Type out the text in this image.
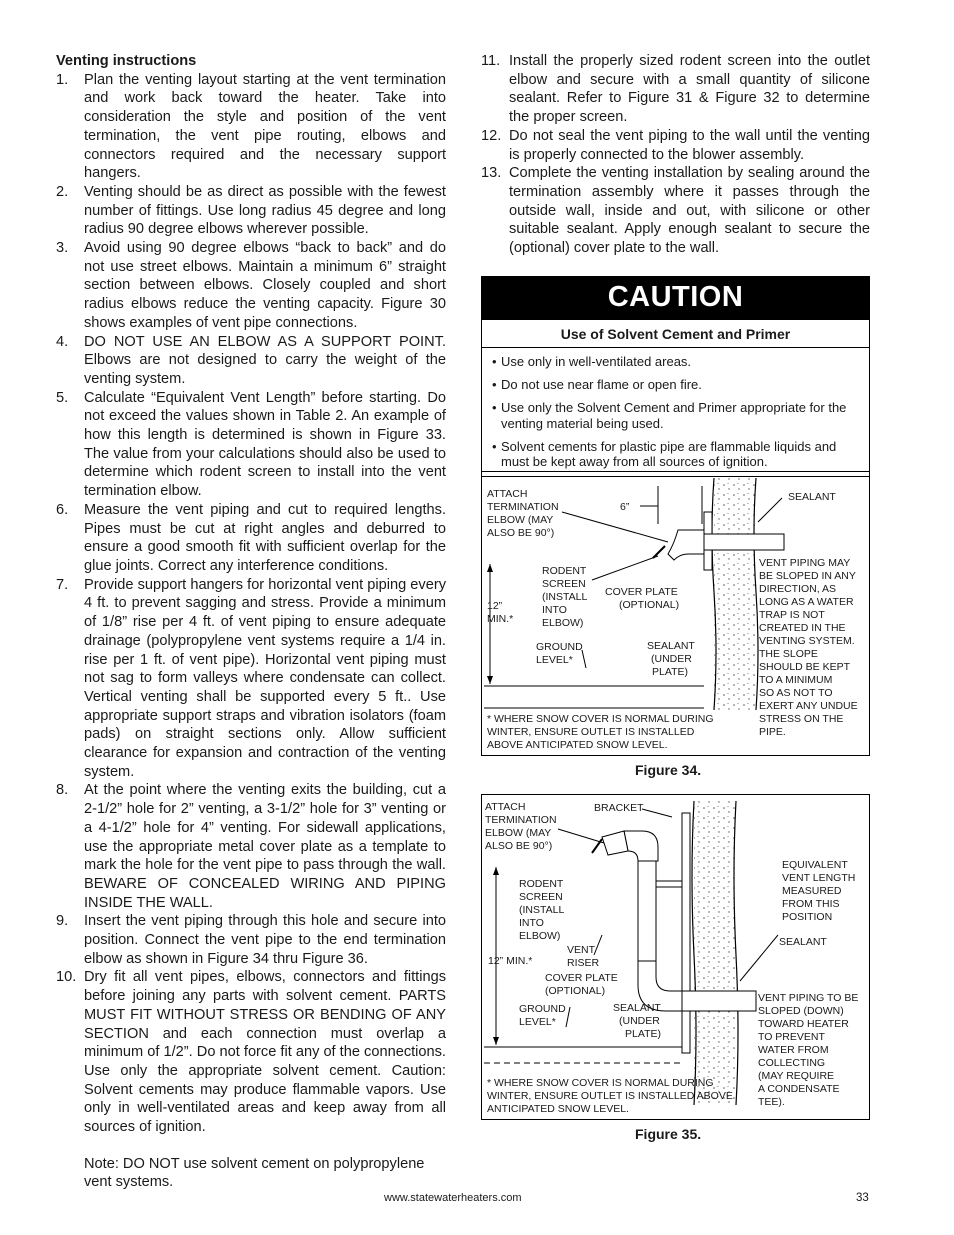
Venting instructions

1. Plan the venting layout starting at the vent termination and work back toward the heater. Take into consideration the style and position of the vent termination, the vent pipe routing, elbows and connectors required and the necessary support hangers.
2. Venting should be as direct as possible with the fewest number of fittings. Use long radius 45 degree and long radius 90 degree elbows wherever possible.
3. Avoid using 90 degree elbows “back to back” and do not use street elbows. Maintain a minimum 6” straight section between elbows. Closely coupled and short radius elbows reduce the venting capacity. Figure 30 shows examples of vent pipe connections.
4. DO NOT USE AN ELBOW AS A SUPPORT POINT. Elbows are not designed to carry the weight of the venting system.
5. Calculate “Equivalent Vent Length” before starting. Do not exceed the values shown in Table 2. An example of how this length is determined is shown in Figure 33. The value from your calculations should also be used to determine which rodent screen to install into the vent termination elbow.
6. Measure the vent piping and cut to required lengths. Pipes must be cut at right angles and deburred to ensure a good smooth fit with sufficient overlap for the glue joints. Correct any interference conditions.
7. Provide support hangers for horizontal vent piping every 4 ft. to prevent sagging and stress. Provide a minimum of 1/8” rise per 4 ft. of vent piping to ensure adequate drainage (polypropylene vent systems require a 1/4 in. rise per 1 ft. of vent pipe). Horizontal vent piping must not sag to form valleys where condensate can collect. Vertical venting shall be supported every 5 ft.. Use appropriate support straps and vibration isolators (foam pads) on straight sections only. Allow sufficient clearance for expansion and contraction of the venting system.
8. At the point where the venting exits the building, cut a 2-1/2” hole for 2” venting, a 3-1/2” hole for 3” venting or a 4-1/2” hole for 4” venting. For sidewall applications, use the appropriate metal cover plate as a template to mark the hole for the vent pipe to pass through the wall. BEWARE OF CONCEALED WIRING AND PIPING INSIDE THE WALL.
9. Insert the vent piping through this hole and secure into position. Connect the vent pipe to the end termination elbow as shown in Figure 34 thru Figure 36.
10. Dry fit all vent pipes, elbows, connectors and fittings before joining any parts with solvent cement. PARTS MUST FIT WITHOUT STRESS OR BENDING OF ANY SECTION and each connection must overlap a minimum of 1/2”. Do not force fit any of the connections. Use only the appropriate solvent cement. Caution: Solvent cements may produce flammable vapors. Use only in well-ventilated areas and keep away from all sources of ignition.
Note: DO NOT use solvent cement on polypropylene vent systems.
11. Install the properly sized rodent screen into the outlet elbow and secure with a small quantity of silicone sealant. Refer to Figure 31 & Figure 32 to determine the proper screen.
12. Do not seal the vent piping to the wall until the venting is properly connected to the blower assembly.
13. Complete the venting installation by sealing around the termination assembly where it passes through the outside wall, inside and out, with silicone or other suitable sealant. Apply enough sealant to secure the (optional) cover plate to the wall.
CAUTION
Use of Solvent Cement and Primer
• Use only in well-ventilated areas.
• Do not use near flame or open fire.
• Use only the Solvent Cement and Primer appropriate for the venting material being used.
• Solvent cements for plastic pipe are flammable liquids and must be kept away from all sources of ignition.
ATTACH TERMINATION ELBOW (MAY ALSO BE 90°)
6”
SEALANT
RODENT SCREEN (INSTALL INTO ELBOW)
COVER PLATE (OPTIONAL)
12” MIN.*
GROUND LEVEL*
SEALANT (UNDER PLATE)
VENT PIPING MAY BE SLOPED IN ANY DIRECTION, AS LONG AS A WATER TRAP IS NOT CREATED IN THE VENTING SYSTEM. THE SLOPE SHOULD BE KEPT TO A MINIMUM SO AS NOT TO EXERT ANY UNDUE STRESS ON THE PIPE.
* WHERE SNOW COVER IS NORMAL DURING WINTER, ENSURE OUTLET IS INSTALLED ABOVE ANTICIPATED SNOW LEVEL.
Figure 34.
ATTACH TERMINATION ELBOW (MAY ALSO BE 90°)
BRACKET
EQUIVALENT VENT LENGTH MEASURED FROM THIS POSITION
RODENT SCREEN (INSTALL INTO ELBOW)	SEALANT
VENT RISER
12” MIN.*
COVER PLATE (OPTIONAL)
GROUND LEVEL*
SEALANT (UNDER PLATE)
VENT PIPING TO BE SLOPED (DOWN) TOWARD HEATER TO PREVENT WATER FROM COLLECTING (MAY REQUIRE A CONDENSATE TEE).
* WHERE SNOW COVER IS NORMAL DURING WINTER, ENSURE OUTLET IS INSTALLED ABOVE ANTICIPATED SNOW LEVEL.
Figure 35.
www.statewaterheaters.com	33
